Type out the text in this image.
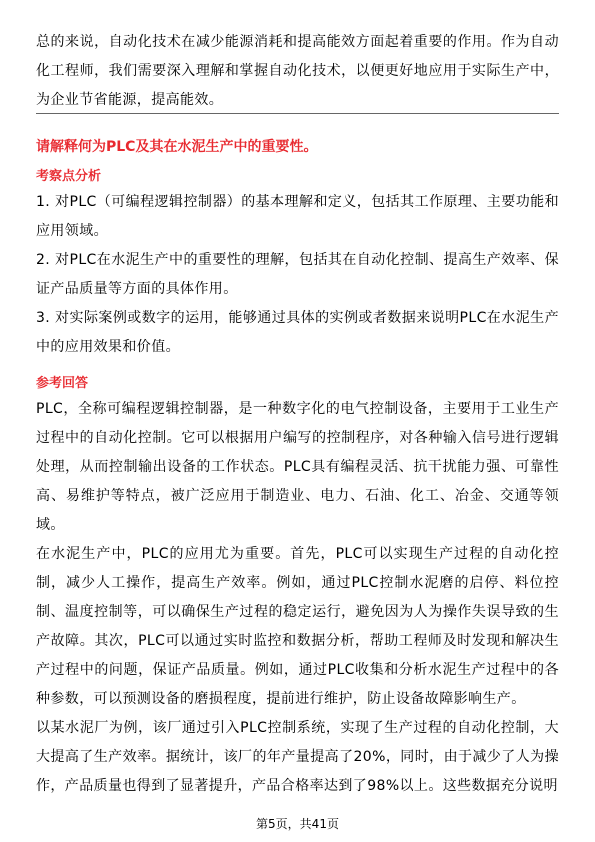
总的来说，自动化技术在减少能源消耗和提高能效方面起着重要的作用。作为自动化工程师，我们需要深入理解和掌握自动化技术，以便更好地应用于实际生产中，为企业节省能源，提高能效。

请解释何为PLC及其在水泥生产中的重要性。
考察点分析

1. 对PLC（可编程逻辑控制器）的基本理解和定义，包括其工作原理、主要功能和应用领域。

2. 对PLC在水泥生产中的重要性的理解，包括其在自动化控制、提高生产效率、保证产品质量等方面的具体作用。

3. 对实际案例或数字的运用，能够通过具体的实例或者数据来说明PLC在水泥生产中的应用效果和价值。

参考回答

PLC，全称可编程逻辑控制器，是一种数字化的电气控制设备，主要用于工业生产过程中的自动化控制。它可以根据用户编写的控制程序，对各种输入信号进行逻辑处理，从而控制输出设备的工作状态。PLC具有编程灵活、抗干扰能力强、可靠性高、易维护等特点，被广泛应用于制造业、电力、石油、化工、冶金、交通等领域。

在水泥生产中，PLC的应用尤为重要。首先，PLC可以实现生产过程的自动化控制，减少人工操作，提高生产效率。例如，通过PLC控制水泥磨的启停、料位控制、温度控制等，可以确保生产过程的稳定运行，避免因为人为操作失误导致的生产故障。其次，PLC可以通过实时监控和数据分析，帮助工程师及时发现和解决生产过程中的问题，保证产品质量。例如，通过PLC收集和分析水泥生产过程中的各种参数，可以预测设备的磨损程度，提前进行维护，防止设备故障影响生产。

以某水泥厂为例，该厂通过引入PLC控制系统，实现了生产过程的自动化控制，大大提高了生产效率。据统计，该厂的年产量提高了20%，同时，由于减少了人为操作，产品质量也得到了显著提升，产品合格率达到了98%以上。这些数据充分说明

第5页，共41页
